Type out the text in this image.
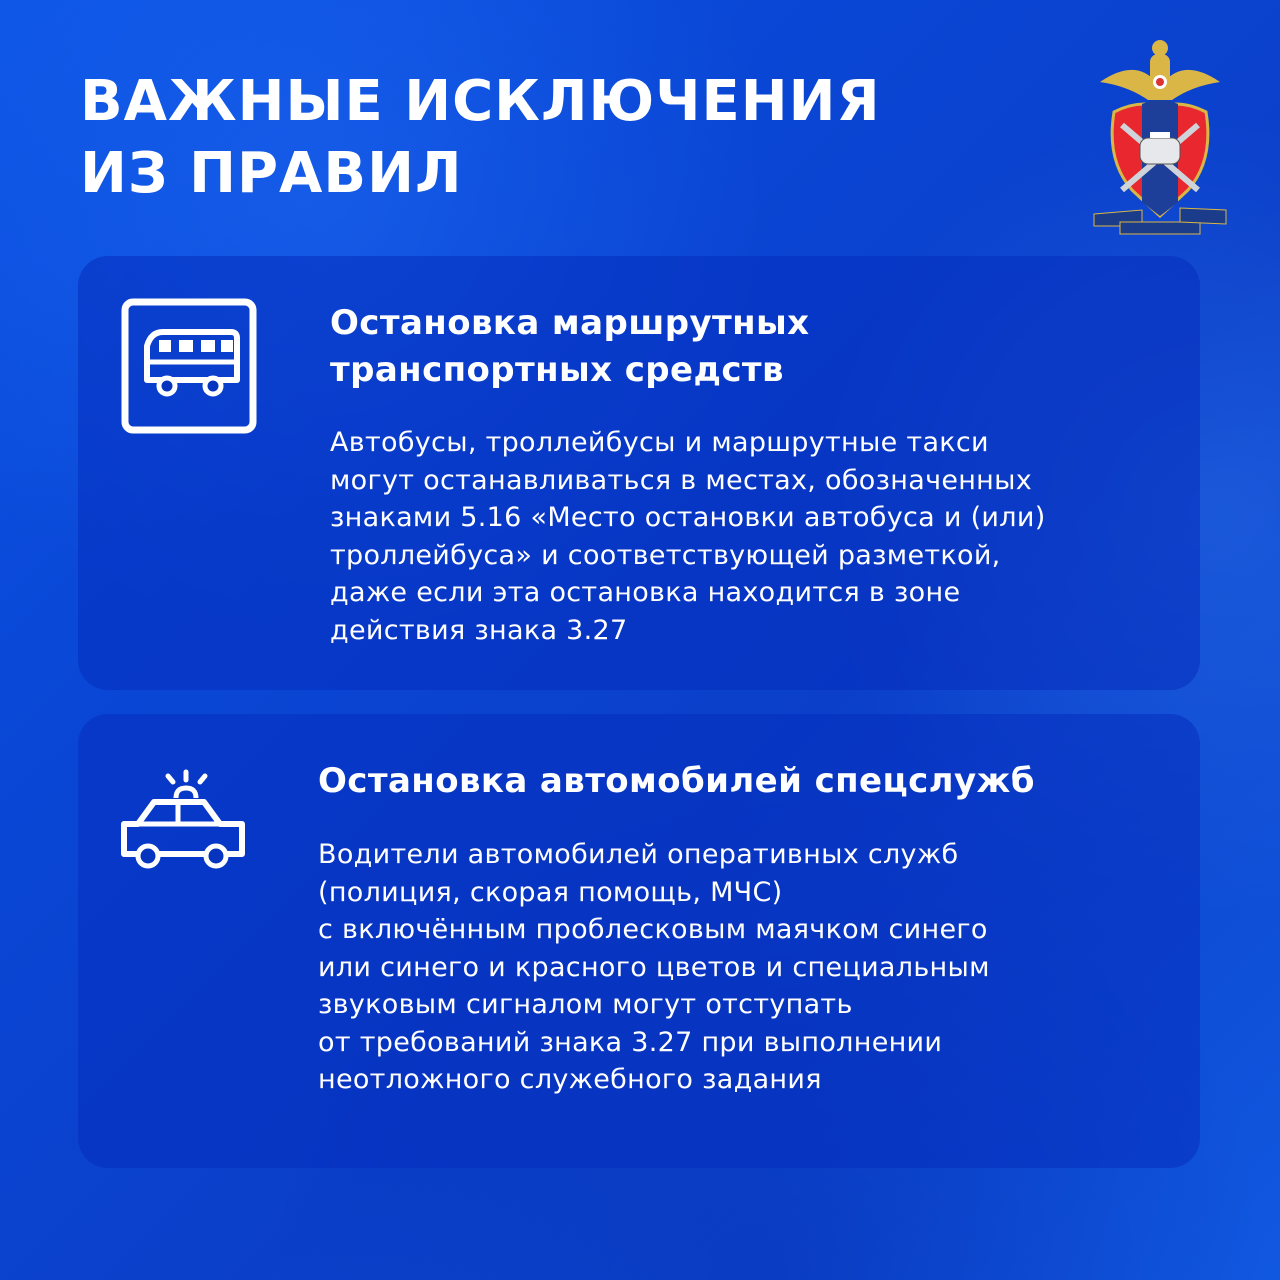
ВАЖНЫЕ ИСКЛЮЧЕНИЯ
ИЗ ПРАВИЛ
Остановка маршрутных
транспортных средств
Автобусы, троллейбусы и маршрутные такси
могут останавливаться в местах, обозначенных
знаками 5.16 «Место остановки автобуса и (или)
троллейбуса» и соответствующей разметкой,
даже если эта остановка находится в зоне
действия знака 3.27
Остановка автомобилей спецслужб
Водители автомобилей оперативных служб
(полиция, скорая помощь, МЧС)
с включённым проблесковым маячком синего
или синего и красного цветов и специальным
звуковым сигналом могут отступать
от требований знака 3.27 при выполнении
неотложного служебного задания
